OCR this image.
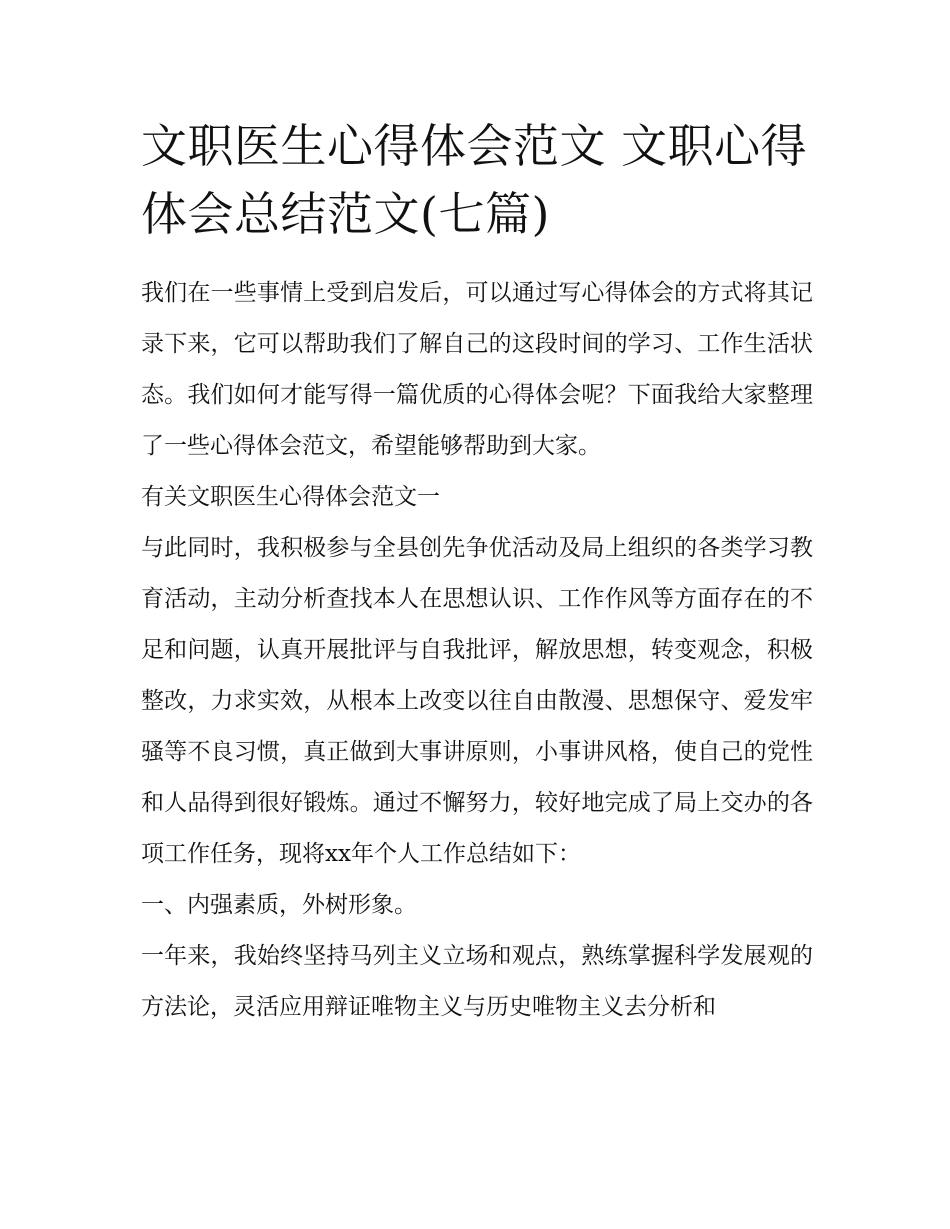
文职医生心得体会范文 文职心得体会总结范文(七篇)

我们在一些事情上受到启发后，可以通过写心得体会的方式将其记录下来，它可以帮助我们了解自己的这段时间的学习、工作生活状态。我们如何才能写得一篇优质的心得体会呢？下面我给大家整理了一些心得体会范文，希望能够帮助到大家。

有关文职医生心得体会范文一

与此同时，我积极参与全县创先争优活动及局上组织的各类学习教育活动，主动分析查找本人在思想认识、工作作风等方面存在的不足和问题，认真开展批评与自我批评，解放思想，转变观念，积极整改，力求实效，从根本上改变以往自由散漫、思想保守、爱发牢骚等不良习惯，真正做到大事讲原则，小事讲风格，使自己的党性和人品得到很好锻炼。通过不懈努力，较好地完成了局上交办的各项工作任务，现将xx年个人工作总结如下：

一、内强素质，外树形象。

一年来，我始终坚持马列主义立场和观点，熟练掌握科学发展观的方法论，灵活应用辩证唯物主义与历史唯物主义去分析和
